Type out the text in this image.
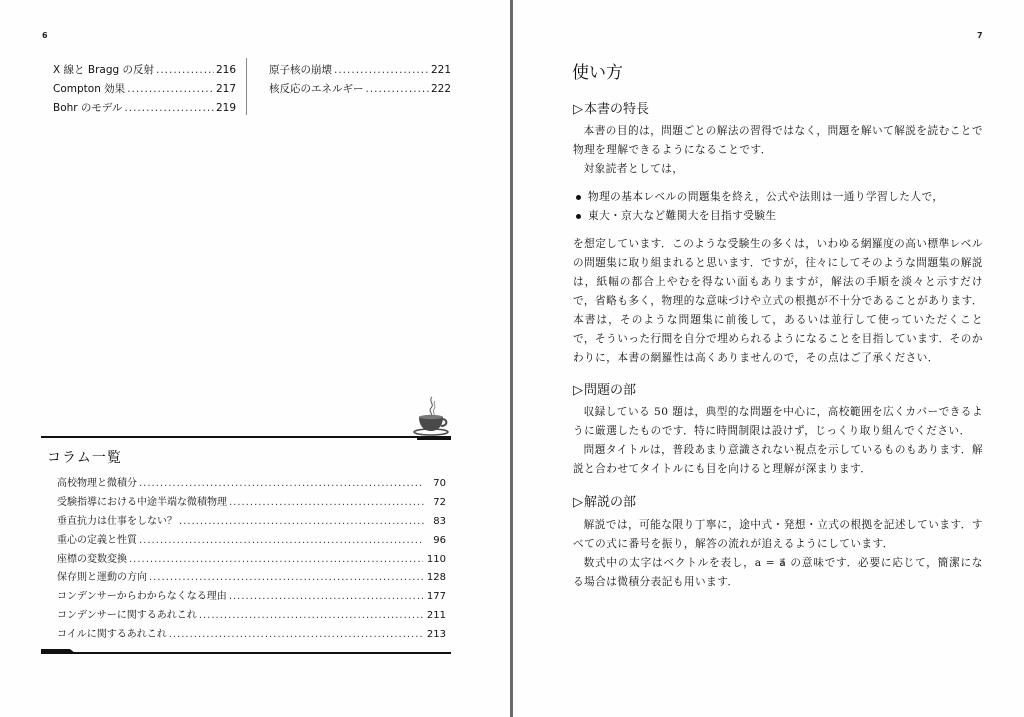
6
X 線と Bragg の反射 .....	216
Compton 効果 .....	217
Bohr のモデル .....	219
原子核の崩壊 .....	221
核反応のエネルギー .....	222
コラム一覧
高校物理と微積分 .....	70
受験指導における中途半端な微積物理 .....	72
垂直抗力は仕事をしない？ .....	83
重心の定義と性質 .....	96
座標の変数変換 .....	110
保存則と運動の方向 .....	128
コンデンサーからわからなくなる理由 .....	177
コンデンサーに関するあれこれ .....	211
コイルに関するあれこれ .....	213
7
使い方
▷本書の特長

本書の目的は，問題ごとの解法の習得ではなく，問題を解いて解説を読むことで物理を理解できるようになることです．

対象読者としては，

物理の基本レベルの問題集を終え，公式や法則は一通り学習した人で，
東大・京大など難関大を目指す受験生

を想定しています．このような受験生の多くは，いわゆる網羅度の高い標準レベルの問題集に取り組まれると思います．ですが，往々にしてそのような問題集の解説は，紙幅の都合上やむを得ない面もありますが，解法の手順を淡々と示すだけで，省略も多く，物理的な意味づけや立式の根拠が不十分であることがあります．本書は，そのような問題集に前後して，あるいは並行して使っていただくことで，そういった行間を自分で埋められるようになることを目指しています．そのかわりに，本書の網羅性は高くありませんので，その点はご了承ください．

▷問題の部

収録している 50 題は，典型的な問題を中心に，高校範囲を広くカバーできるように厳選したものです．特に時間制限は設けず，じっくり取り組んでください．

問題タイトルは，普段あまり意識されない視点を示しているものもあります．解説と合わせてタイトルにも目を向けると理解が深まります．

▷解説の部

解説では，可能な限り丁寧に，途中式・発想・立式の根拠を記述しています．すべての式に番号を振り，解答の流れが追えるようにしています．

数式中の太字はベクトルを表し，a = a⃗ の意味です．必要に応じて，簡潔になる場合は微積分表記も用います．
